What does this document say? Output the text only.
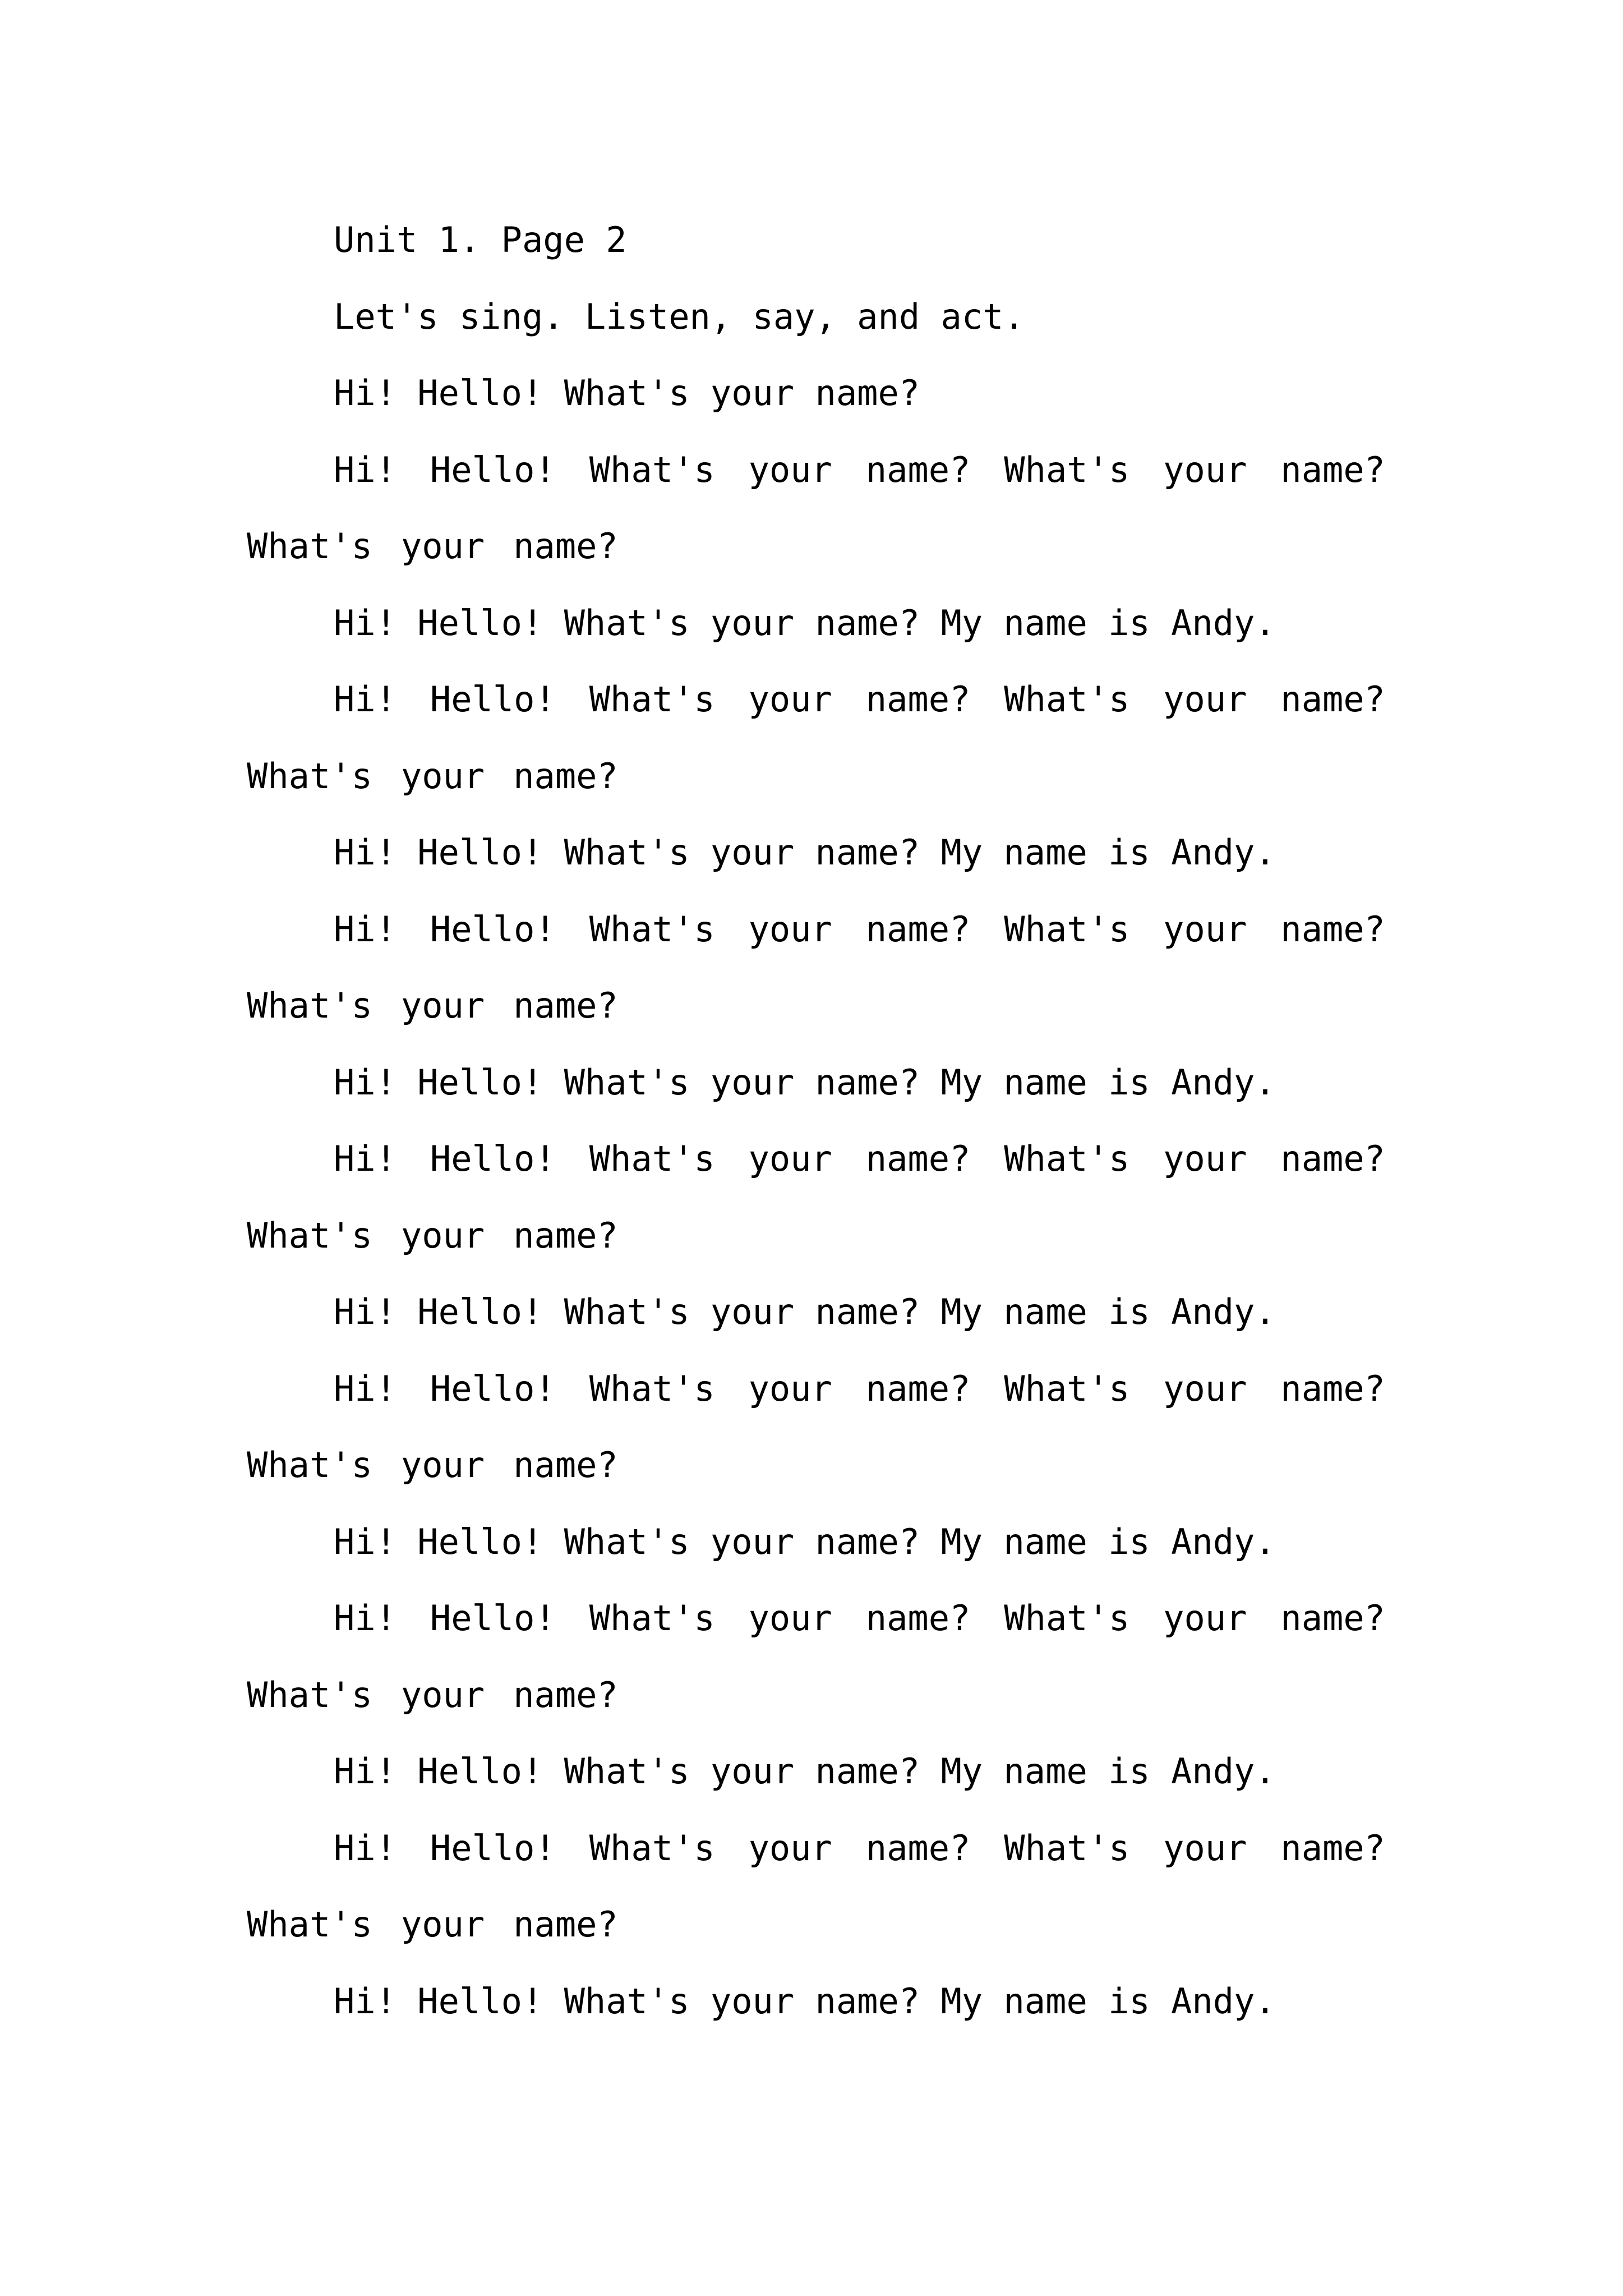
Unit 1. Page 2

Let's sing. Listen, say, and act.

Hi! Hello! What's your name?

Hi! Hello! What's your name? What's your name? What's your name?

Hi! Hello! What's your name? My name is Andy.

Hi! Hello! What's your name? What's your name? What's your name?

Hi! Hello! What's your name? My name is Andy.

Hi! Hello! What's your name? What's your name? What's your name?

Hi! Hello! What's your name? My name is Andy.

Hi! Hello! What's your name? What's your name? What's your name?

Hi! Hello! What's your name? My name is Andy.

Hi! Hello! What's your name? What's your name? What's your name?

Hi! Hello! What's your name? My name is Andy.

Hi! Hello! What's your name? What's your name? What's your name?

Hi! Hello! What's your name? My name is Andy.

Hi! Hello! What's your name? What's your name? What's your name?

Hi! Hello! What's your name? My name is Andy.
